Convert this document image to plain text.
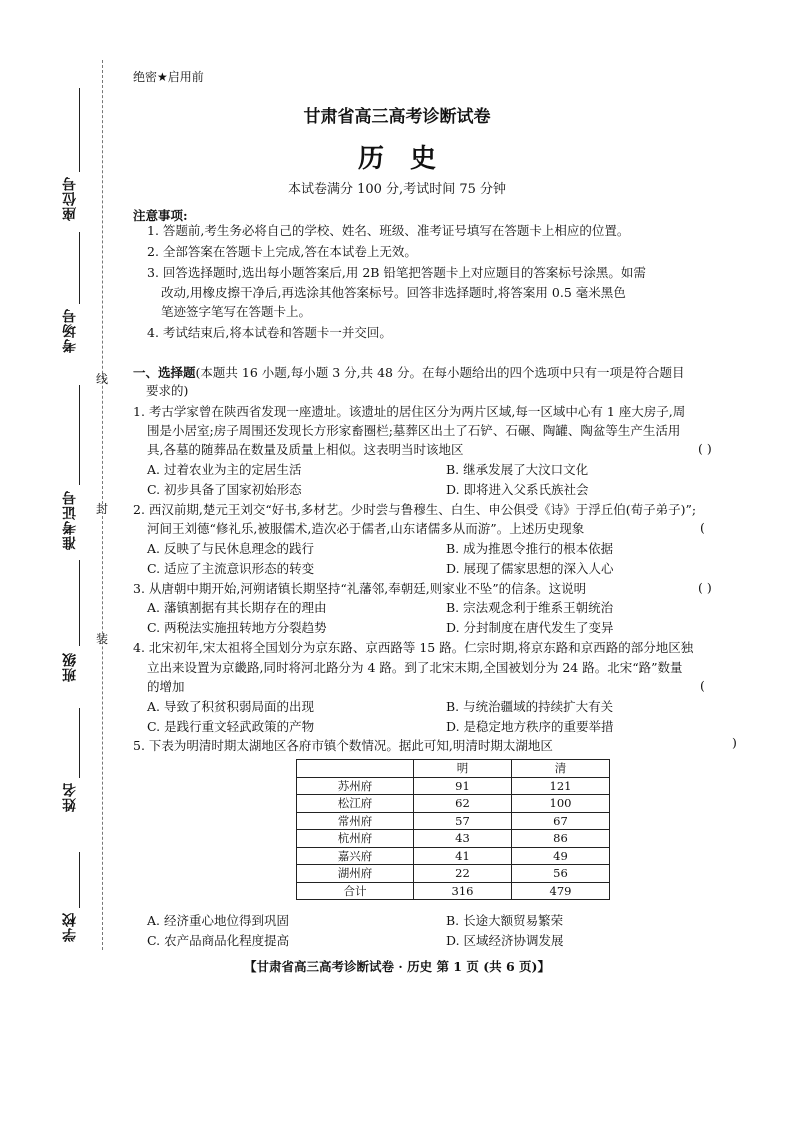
座位号
考场号
准考证号
班级
姓名
学校
线
封
装
绝密★启用前
甘肃省高三高考诊断试卷
历史
本试卷满分 100 分,考试时间 75 分钟
注意事项:
1. 答题前,考生务必将自己的学校、姓名、班级、准考证号填写在答题卡上相应的位置。
2. 全部答案在答题卡上完成,答在本试卷上无效。
3. 回答选择题时,选出每小题答案后,用 2B 铅笔把答题卡上对应题目的答案标号涂黑。如需
改动,用橡皮擦干净后,再选涂其他答案标号。回答非选择题时,将答案用 0.5 毫米黑色
笔迹签字笔写在答题卡上。
4. 考试结束后,将本试卷和答题卡一并交回。
一、选择题(本题共 16 小题,每小题 3 分,共 48 分。在每小题给出的四个选项中只有一项是符合题目
要求的)
1. 考古学家曾在陕西省发现一座遗址。该遗址的居住区分为两片区域,每一区域中心有 1 座大房子,周
围是小居室;房子周围还发现长方形家畜圈栏;墓葬区出土了石铲、石碾、陶罐、陶盆等生产生活用
具,各墓的随葬品在数量及质量上相似。这表明当时该地区	( )
A. 过着农业为主的定居生活	B. 继承发展了大汶口文化
C. 初步具备了国家初始形态	D. 即将进入父系氏族社会
2. 西汉前期,楚元王刘交“好书,多材艺。少时尝与鲁穆生、白生、申公俱受《诗》于浮丘伯(荀子弟子)”;
河间王刘德“修礼乐,被服儒术,造次必于儒者,山东诸儒多从而游”。上述历史现象	(
A. 反映了与民休息理念的践行	B. 成为推恩令推行的根本依据
C. 适应了主流意识形态的转变	D. 展现了儒家思想的深入人心
3. 从唐朝中期开始,河朔诸镇长期坚持“礼藩邻,奉朝廷,则家业不坠”的信条。这说明	( )
A. 藩镇割据有其长期存在的理由	B. 宗法观念利于维系王朝统治
C. 两税法实施扭转地方分裂趋势	D. 分封制度在唐代发生了变异
4. 北宋初年,宋太祖将全国划分为京东路、京西路等 15 路。仁宗时期,将京东路和京西路的部分地区独
立出来设置为京畿路,同时将河北路分为 4 路。到了北宋末期,全国被划分为 24 路。北宋“路”数量
的增加	(
A. 导致了积贫积弱局面的出现	B. 与统治疆域的持续扩大有关
C. 是践行重文轻武政策的产物	D. 是稳定地方秩序的重要举措
5. 下表为明清时期太湖地区各府市镇个数情况。据此可知,明清时期太湖地区	)
	明	清
苏州府	91	121
松江府	62	100
常州府	57	67
杭州府	43	86
嘉兴府	41	49
湖州府	22	56
合计	316	479
A. 经济重心地位得到巩固	B. 长途大额贸易繁荣
C. 农产品商品化程度提高	D. 区域经济协调发展
【甘肃省高三高考诊断试卷 · 历史 第 1 页 (共 6 页)】
